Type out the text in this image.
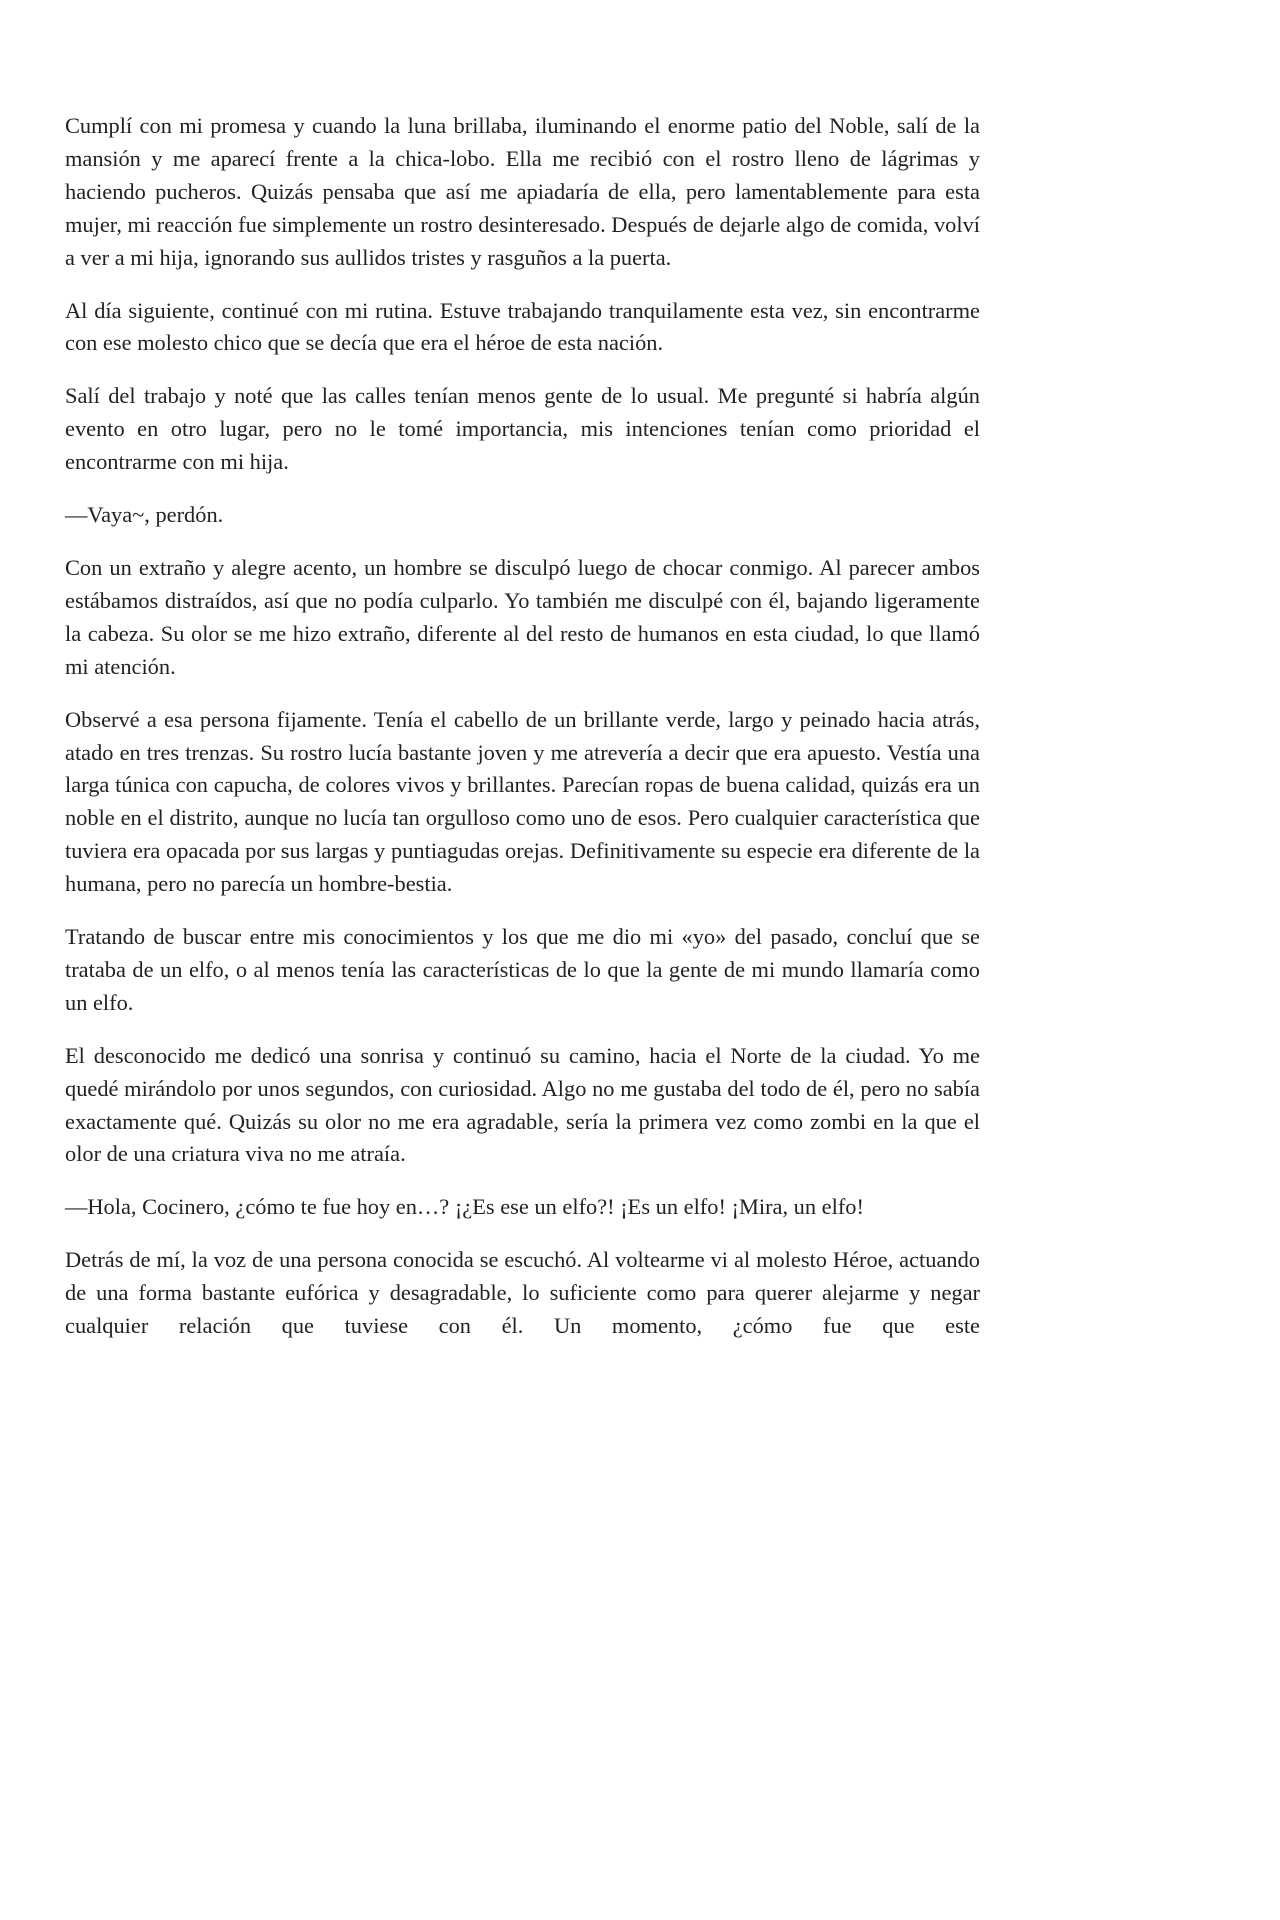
Cumplí con mi promesa y cuando la luna brillaba, iluminando el enorme patio del Noble, salí de la mansión y me aparecí frente a la chica-lobo. Ella me recibió con el rostro lleno de lágrimas y haciendo pucheros. Quizás pensaba que así me apiadaría de ella, pero lamentablemente para esta mujer, mi reacción fue simplemente un rostro desinteresado. Después de dejarle algo de comida, volví a ver a mi hija, ignorando sus aullidos tristes y rasguños a la puerta.

Al día siguiente, continué con mi rutina. Estuve trabajando tranquilamente esta vez, sin encontrarme con ese molesto chico que se decía que era el héroe de esta nación.

Salí del trabajo y noté que las calles tenían menos gente de lo usual. Me pregunté si habría algún evento en otro lugar, pero no le tomé importancia, mis intenciones tenían como prioridad el encontrarme con mi hija.

—Vaya~, perdón.

Con un extraño y alegre acento, un hombre se disculpó luego de chocar conmigo. Al parecer ambos estábamos distraídos, así que no podía culparlo. Yo también me disculpé con él, bajando ligeramente la cabeza. Su olor se me hizo extraño, diferente al del resto de humanos en esta ciudad, lo que llamó mi atención.

Observé a esa persona fijamente. Tenía el cabello de un brillante verde, largo y peinado hacia atrás, atado en tres trenzas. Su rostro lucía bastante joven y me atrevería a decir que era apuesto. Vestía una larga túnica con capucha, de colores vivos y brillantes. Parecían ropas de buena calidad, quizás era un noble en el distrito, aunque no lucía tan orgulloso como uno de esos. Pero cualquier característica que tuviera era opacada por sus largas y puntiagudas orejas. Definitivamente su especie era diferente de la humana, pero no parecía un hombre-bestia.

Tratando de buscar entre mis conocimientos y los que me dio mi «yo» del pasado, concluí que se trataba de un elfo, o al menos tenía las características de lo que la gente de mi mundo llamaría como un elfo.

El desconocido me dedicó una sonrisa y continuó su camino, hacia el Norte de la ciudad. Yo me quedé mirándolo por unos segundos, con curiosidad. Algo no me gustaba del todo de él, pero no sabía exactamente qué. Quizás su olor no me era agradable, sería la primera vez como zombi en la que el olor de una criatura viva no me atraía.

—Hola, Cocinero, ¿cómo te fue hoy en…? ¡¿Es ese un elfo?! ¡Es un elfo! ¡Mira, un elfo!

Detrás de mí, la voz de una persona conocida se escuchó. Al voltearme vi al molesto Héroe, actuando de una forma bastante eufórica y desagradable, lo suficiente como para querer alejarme y negar cualquier relación que tuviese con él. Un momento, ¿cómo fue que este
